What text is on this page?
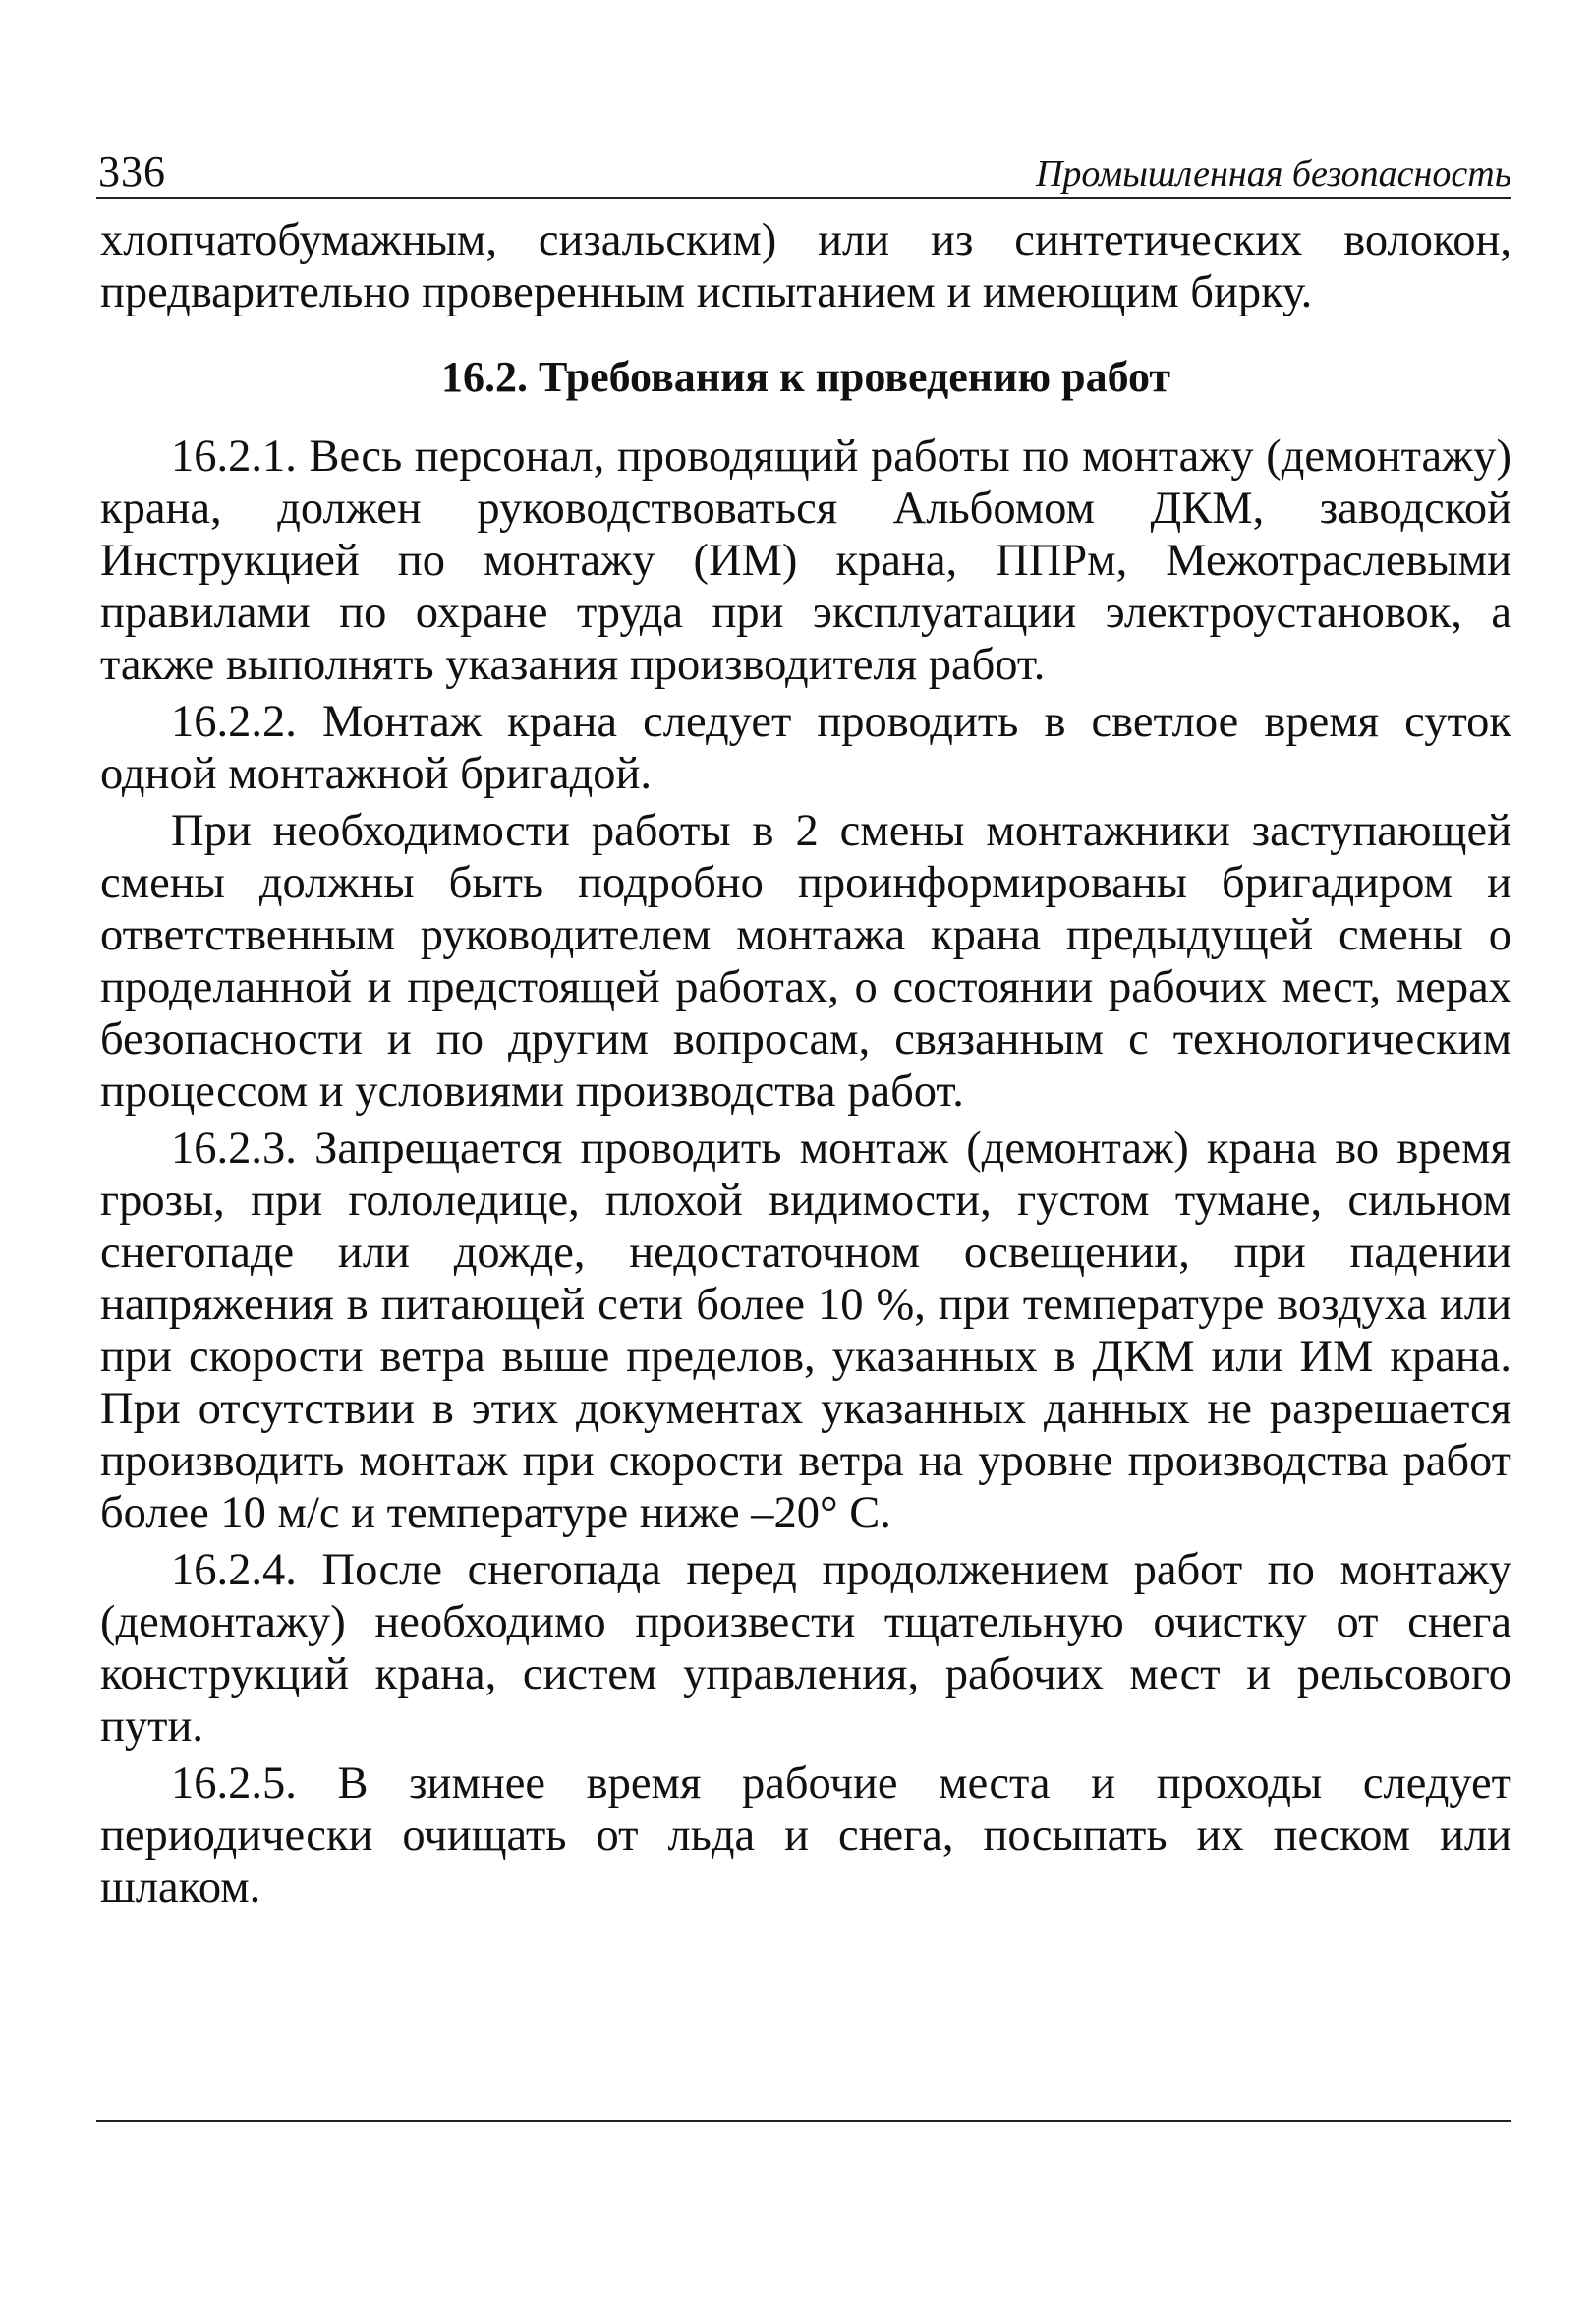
336	Промышленная безопасность

хлопчатобумажным, сизальским) или из синтетических волокон, предварительно проверенным испытанием и имеющим бирку.

16.2. Требования к проведению работ

16.2.1. Весь персонал, проводящий работы по монтажу (демонтажу) крана, должен руководствоваться Альбомом ДКМ, заводской Инструкцией по монтажу (ИМ) крана, ППРм, Межотраслевыми правилами по охране труда при эксплуатации электроустановок, а также выполнять указания производителя работ.

16.2.2. Монтаж крана следует проводить в светлое время суток одной монтажной бригадой.

При необходимости работы в 2 смены монтажники заступающей смены должны быть подробно проинформированы бригадиром и ответственным руководителем монтажа крана предыдущей смены о проделанной и предстоящей работах, о состоянии рабочих мест, мерах безопасности и по другим вопросам, связанным с технологическим процессом и условиями производства работ.

16.2.3. Запрещается проводить монтаж (демонтаж) крана во время грозы, при гололедице, плохой видимости, густом тумане, сильном снегопаде или дожде, недостаточном освещении, при падении напряжения в питающей сети более 10 %, при температуре воздуха или при скорости ветра выше пределов, указанных в ДКМ или ИМ крана. При отсутствии в этих документах указанных данных не разрешается производить монтаж при скорости ветра на уровне производства работ более 10 м/с и температуре ниже –20° С.

16.2.4. После снегопада перед продолжением работ по монтажу (демонтажу) необходимо произвести тщательную очистку от снега конструкций крана, систем управления, рабочих мест и рельсового пути.

16.2.5. В зимнее время рабочие места и проходы следует периодически очищать от льда и снега, посыпать их песком или шлаком.
